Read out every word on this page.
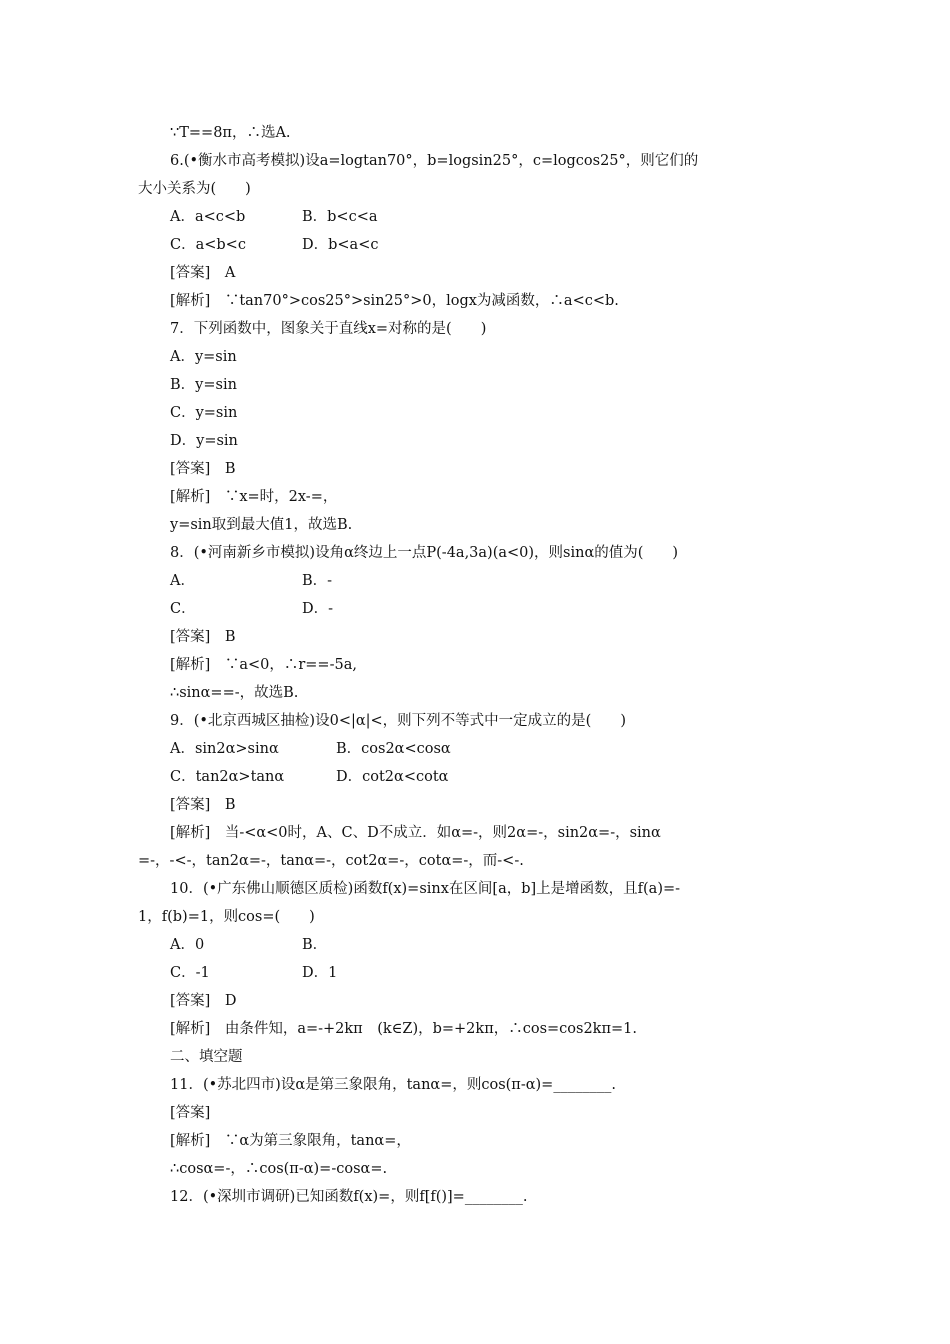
∵T==8π，∴选A.
6.(•衡水市高考模拟)设a=logtan70°，b=logsin25°，c=logcos25°，则它们的
大小关系为(　　)
A．a<c<b	B．b<c<a
C．a<b<c	D．b<a<c
[答案]　A
[解析]　∵tan70°>cos25°>sin25°>0，logx为减函数，∴a<c<b.
7．下列函数中，图象关于直线x=对称的是(　　)
A．y=sin
B．y=sin
C．y=sin
D．y=sin
[答案]　B
[解析]　∵x=时，2x-=，
y=sin取到最大值1，故选B.
8．(•河南新乡市模拟)设角α终边上一点P(-4a,3a)(a<0)，则sinα的值为(　　)
A．	B．-
C．	D．-
[答案]　B
[解析]　∵a<0，∴r==-5a,
∴sinα==-，故选B.
9．(•北京西城区抽检)设0<|α|<，则下列不等式中一定成立的是(　　)
A．sin2α>sinα	B．cos2α<cosα
C．tan2α>tanα	D．cot2α<cotα
[答案]　B
[解析]　当-<α<0时，A、C、D不成立．如α=-，则2α=-，sin2α=-，sinα
=-，-<-，tan2α=-，tanα=-，cot2α=-，cotα=-，而-<-.
10．(•广东佛山顺德区质检)函数f(x)=sinx在区间[a，b]上是增函数，且f(a)=-
1，f(b)=1，则cos=(　　)
A．0	B．
C．-1	D．1
[答案]　D
[解析]　由条件知，a=-+2kπ　(k∈Z)，b=+2kπ，∴cos=cos2kπ=1.
二、填空题
11．(•苏北四市)设α是第三象限角，tanα=，则cos(π-α)=________.
[答案]
[解析]　∵α为第三象限角，tanα=，
∴cosα=-，∴cos(π-α)=-cosα=.
12．(•深圳市调研)已知函数f(x)=，则f[f()]=________.
